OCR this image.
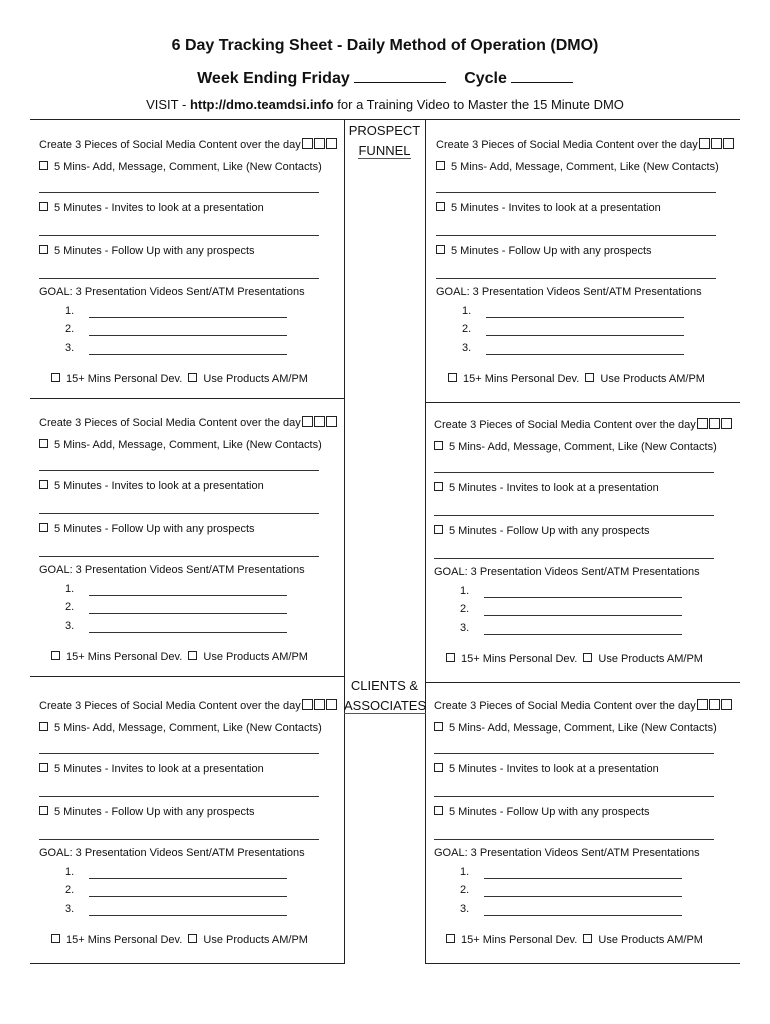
6 Day Tracking Sheet - Daily Method of Operation (DMO)
Week Ending Friday	Cycle
VISIT - http://dmo.teamdsi.info for a Training Video to Master the 15 Minute DMO
PROSPECT
FUNNEL
CLIENTS &
ASSOCIATES
Create 3 Pieces of Social Media Content over the day
5 Mins- Add, Message, Comment, Like (New Contacts)
5 Minutes - Invites to look at a presentation
5 Minutes - Follow Up with any prospects
GOAL: 3 Presentation Videos Sent/ATM Presentations
1.
2.
3.
15+ Mins Personal Dev. Use Products AM/PM
Create 3 Pieces of Social Media Content over the day
5 Mins- Add, Message, Comment, Like (New Contacts)
5 Minutes - Invites to look at a presentation
5 Minutes - Follow Up with any prospects
GOAL: 3 Presentation Videos Sent/ATM Presentations
1.
2.
3.
15+ Mins Personal Dev. Use Products AM/PM
Create 3 Pieces of Social Media Content over the day
5 Mins- Add, Message, Comment, Like (New Contacts)
5 Minutes - Invites to look at a presentation
5 Minutes - Follow Up with any prospects
GOAL: 3 Presentation Videos Sent/ATM Presentations
1.
2.
3.
15+ Mins Personal Dev. Use Products AM/PM
Create 3 Pieces of Social Media Content over the day
5 Mins- Add, Message, Comment, Like (New Contacts)
5 Minutes - Invites to look at a presentation
5 Minutes - Follow Up with any prospects
GOAL: 3 Presentation Videos Sent/ATM Presentations
1.
2.
3.
15+ Mins Personal Dev. Use Products AM/PM
Create 3 Pieces of Social Media Content over the day
5 Mins- Add, Message, Comment, Like (New Contacts)
5 Minutes - Invites to look at a presentation
5 Minutes - Follow Up with any prospects
GOAL: 3 Presentation Videos Sent/ATM Presentations
1.
2.
3.
15+ Mins Personal Dev. Use Products AM/PM
Create 3 Pieces of Social Media Content over the day
5 Mins- Add, Message, Comment, Like (New Contacts)
5 Minutes - Invites to look at a presentation
5 Minutes - Follow Up with any prospects
GOAL: 3 Presentation Videos Sent/ATM Presentations
1.
2.
3.
15+ Mins Personal Dev. Use Products AM/PM
